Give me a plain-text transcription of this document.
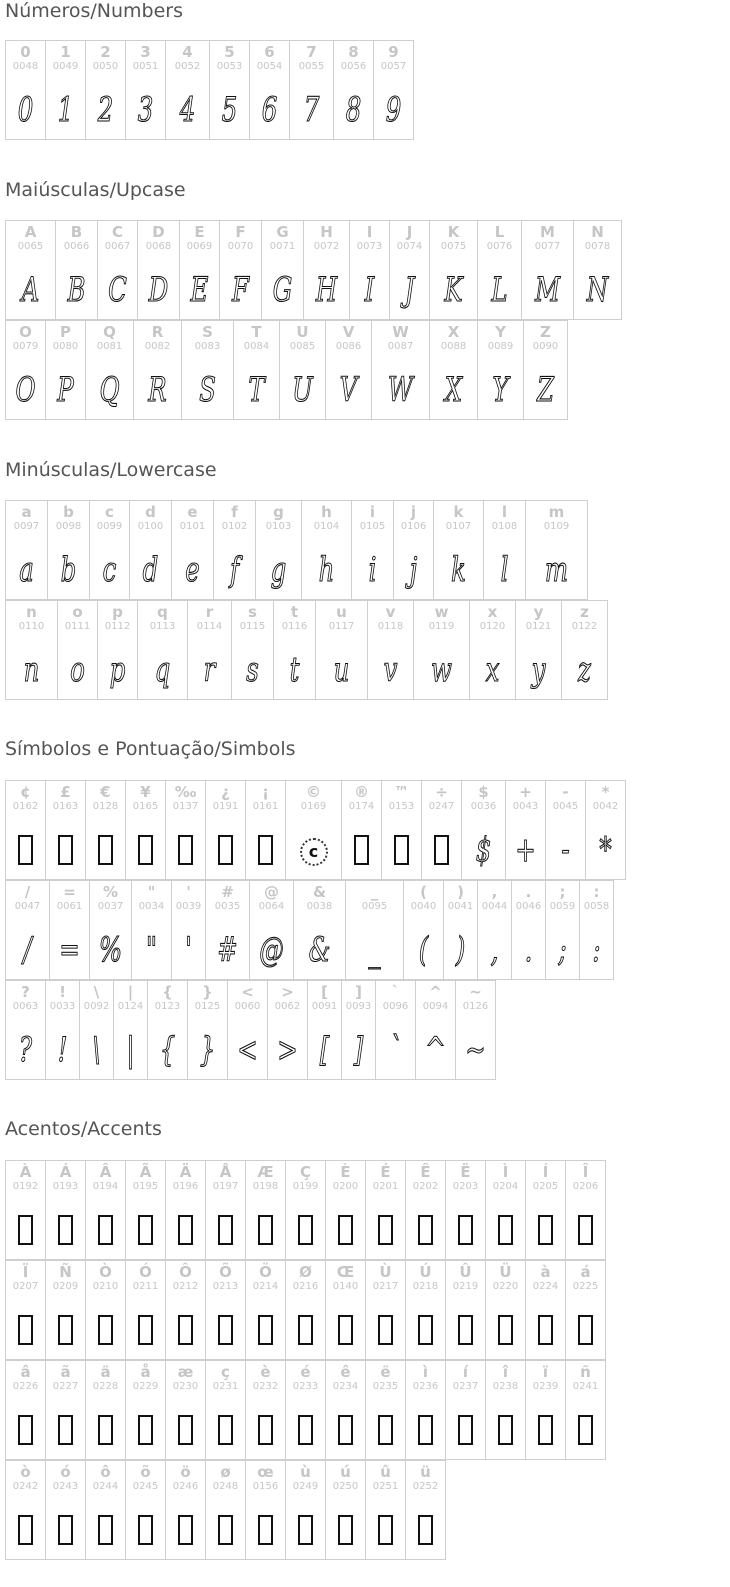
Números/Numbers
0
0048
0
1
0049
1
2
0050
2
3
0051
3
4
0052
4
5
0053
5
6
0054
6
7
0055
7
8
0056
8
9
0057
9
Maiúsculas/Upcase
A
0065
A
B
0066
B
C
0067
C
D
0068
D
E
0069
E
F
0070
F
G
0071
G
H
0072
H
I
0073
I
J
0074
J
K
0075
K
L
0076
L
M
0077
M
N
0078
N
O
0079
O
P
0080
P
Q
0081
Q
R
0082
R
S
0083
S
T
0084
T
U
0085
U
V
0086
V
W
0087
W
X
0088
X
Y
0089
Y
Z
0090
Z
Minúsculas/Lowercase
a
0097
a
b
0098
b
c
0099
c
d
0100
d
e
0101
e
f
0102
f
g
0103
g
h
0104
h
i
0105
i
j
0106
j
k
0107
k
l
0108
l
m
0109
m
n
0110
n
o
0111
o
p
0112
p
q
0113
q
r
0114
r
s
0115
s
t
0116
t
u
0117
u
v
0118
v
w
0119
w
x
0120
x
y
0121
y
z
0122
z
Símbolos e Pontuação/Simbols
¢
0162
£
0163
€
0128
¥
0165
‰
0137
¿
0191
¡
0161
©
0169
c
®
0174
™
0153
÷
0247
$
0036
$
+
0043
+
-
0045
-
*
0042
*
/
0047
/
=
0061
=
%
0037
%
"
0034
"
'
0039
'
#
0035
#
@
0064
@
&
0038
&
_
0095
_
(
0040
(
)
0041
)
,
0044
,
.
0046
.
;
0059
;
:
0058
:
?
0063
?
!
0033
!
\
0092
\
|
0124
|
{
0123
{
}
0125
}
<
0060
<
>
0062
>
[
0091
[
]
0093
]
`
0096
`
^
0094
^
~
0126
~
Acentos/Accents
À
0192
Á
0193
Â
0194
Ã
0195
Ä
0196
Å
0197
Æ
0198
Ç
0199
È
0200
É
0201
Ê
0202
Ë
0203
Ì
0204
Í
0205
Î
0206
Ï
0207
Ñ
0209
Ò
0210
Ó
0211
Ô
0212
Õ
0213
Ö
0214
Ø
0216
Œ
0140
Ù
0217
Ú
0218
Û
0219
Ü
0220
à
0224
á
0225
â
0226
ã
0227
ä
0228
å
0229
æ
0230
ç
0231
è
0232
é
0233
ê
0234
ë
0235
ì
0236
í
0237
î
0238
ï
0239
ñ
0241
ò
0242
ó
0243
ô
0244
õ
0245
ö
0246
ø
0248
œ
0156
ù
0249
ú
0250
û
0251
ü
0252
